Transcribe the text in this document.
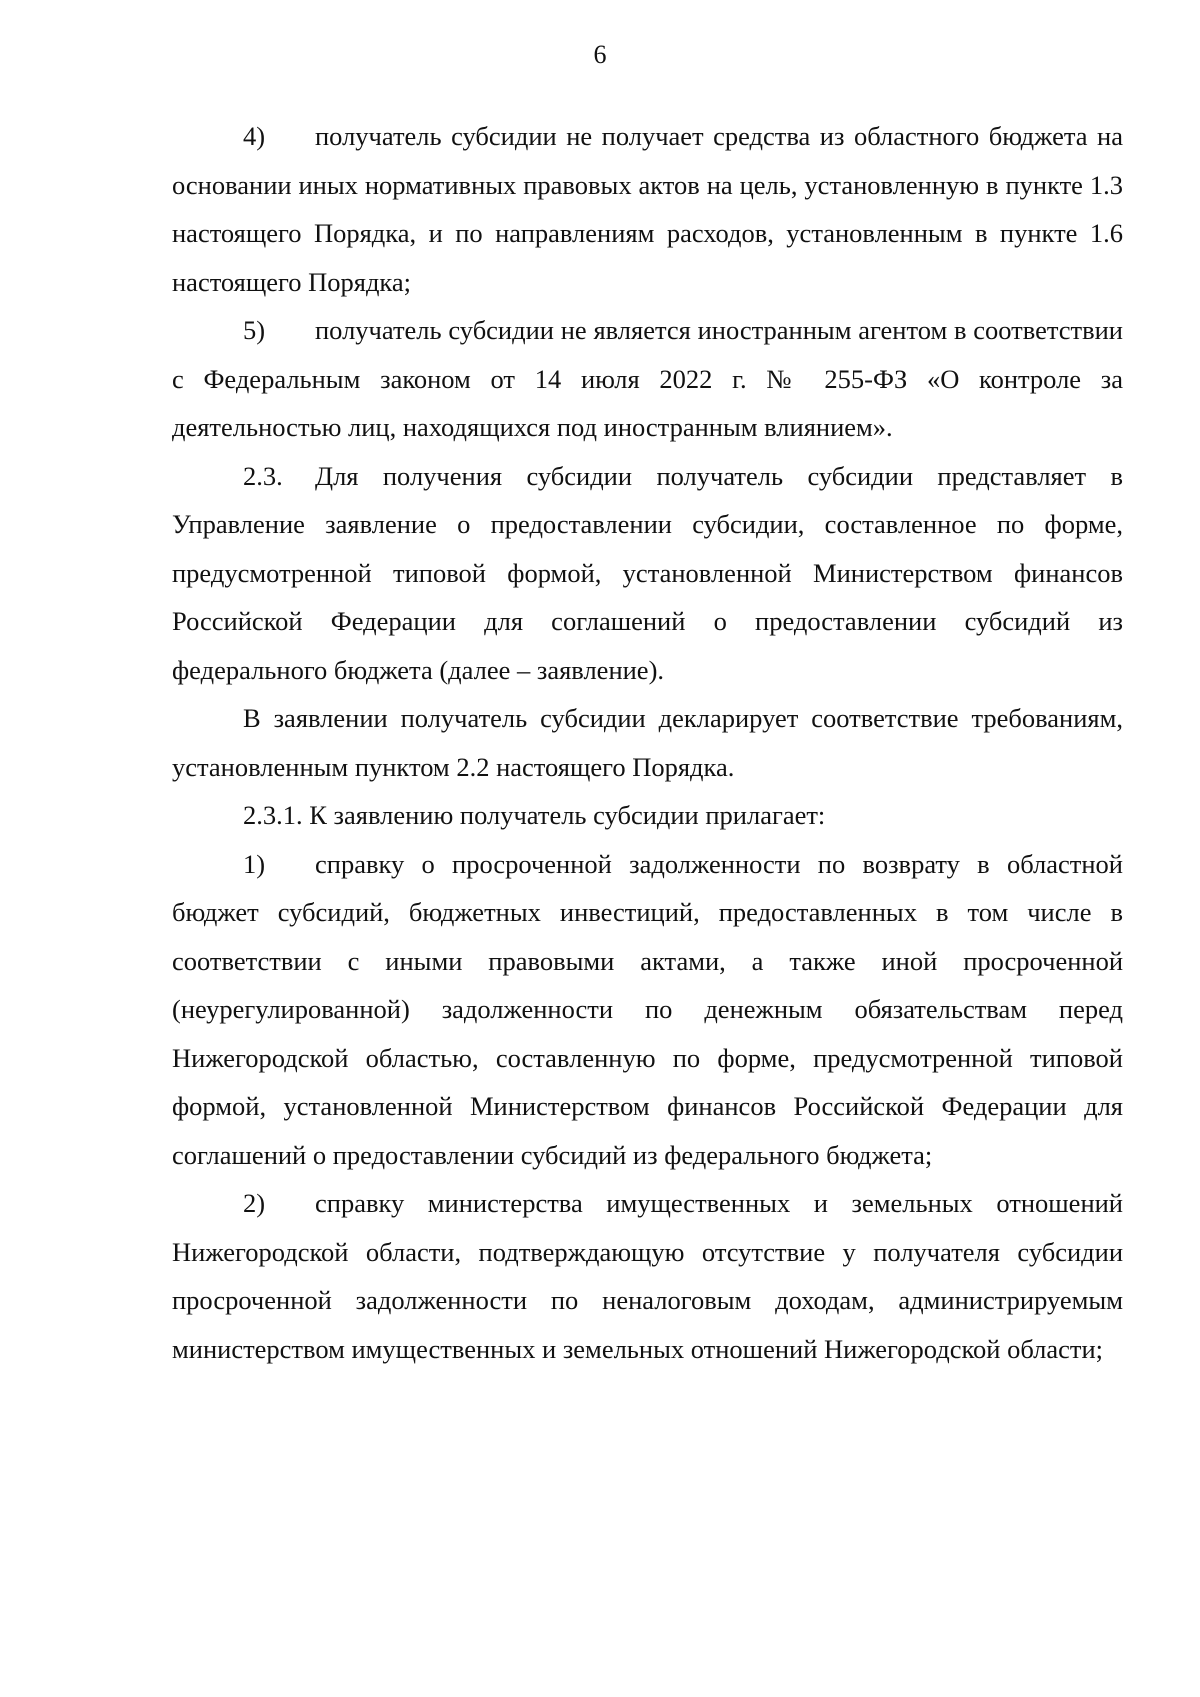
6

4) получатель субсидии не получает средства из областного бюджета на основании иных нормативных правовых актов на цель, установленную в пункте 1.3 настоящего Порядка, и по направлениям расходов, установленным в пункте 1.6 настоящего Порядка;

5) получатель субсидии не является иностранным агентом в соответствии с Федеральным законом от 14 июля 2022 г. № 255-ФЗ «О контроле за деятельностью лиц, находящихся под иностранным влиянием».

2.3. Для получения субсидии получатель субсидии представляет в Управление заявление о предоставлении субсидии, составленное по форме, предусмотренной типовой формой, установленной Министерством финансов Российской Федерации для соглашений о предоставлении субсидий из федерального бюджета (далее – заявление).

В заявлении получатель субсидии декларирует соответствие требованиям, установленным пунктом 2.2 настоящего Порядка.

2.3.1. К заявлению получатель субсидии прилагает:

1) справку о просроченной задолженности по возврату в областной бюджет субсидий, бюджетных инвестиций, предоставленных в том числе в соответствии с иными правовыми актами, а также иной просроченной (неурегулированной) задолженности по денежным обязательствам перед Нижегородской областью, составленную по форме, предусмотренной типовой формой, установленной Министерством финансов Российской Федерации для соглашений о предоставлении субсидий из федерального бюджета;

2) справку министерства имущественных и земельных отношений Нижегородской области, подтверждающую отсутствие у получателя субсидии просроченной задолженности по неналоговым доходам, администрируемым министерством имущественных и земельных отношений Нижегородской области;
